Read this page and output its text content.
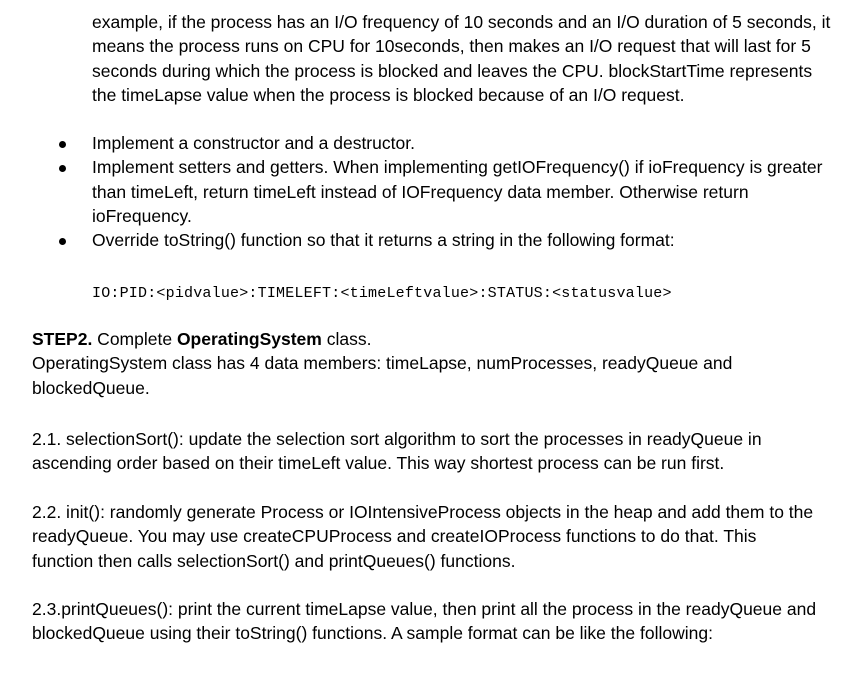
example, if the process has an I/O frequency of 10 seconds and an I/O duration of 5 seconds, it means the process runs on CPU for 10seconds, then makes an I/O request that will last for 5 seconds during which the process is blocked and leaves the CPU. blockStartTime represents the timeLapse value when the process is blocked because of an I/O request.

Implement a constructor and a destructor.
Implement setters and getters. When implementing getIOFrequency() if ioFrequency is greater than timeLeft, return timeLeft instead of IOFrequency data member. Otherwise return ioFrequency.
Override toString() function so that it returns a string in the following format:
IO:PID:<pidvalue>:TIMELEFT:<timeLeftvalue>:STATUS:<statusvalue>

STEP2. Complete OperatingSystem class.

OperatingSystem class has 4 data members: timeLapse, numProcesses, readyQueue and blockedQueue.

2.1. selectionSort(): update the selection sort algorithm to sort the processes in readyQueue in ascending order based on their timeLeft value. This way shortest process can be run first.

2.2. init(): randomly generate Process or IOIntensiveProcess objects in the heap and add them to the readyQueue. You may use createCPUProcess and createIOProcess functions to do that. This function then calls selectionSort() and printQueues() functions.

2.3.printQueues(): print the current timeLapse value, then print all the process in the readyQueue and blockedQueue using their toString() functions. A sample format can be like the following:
